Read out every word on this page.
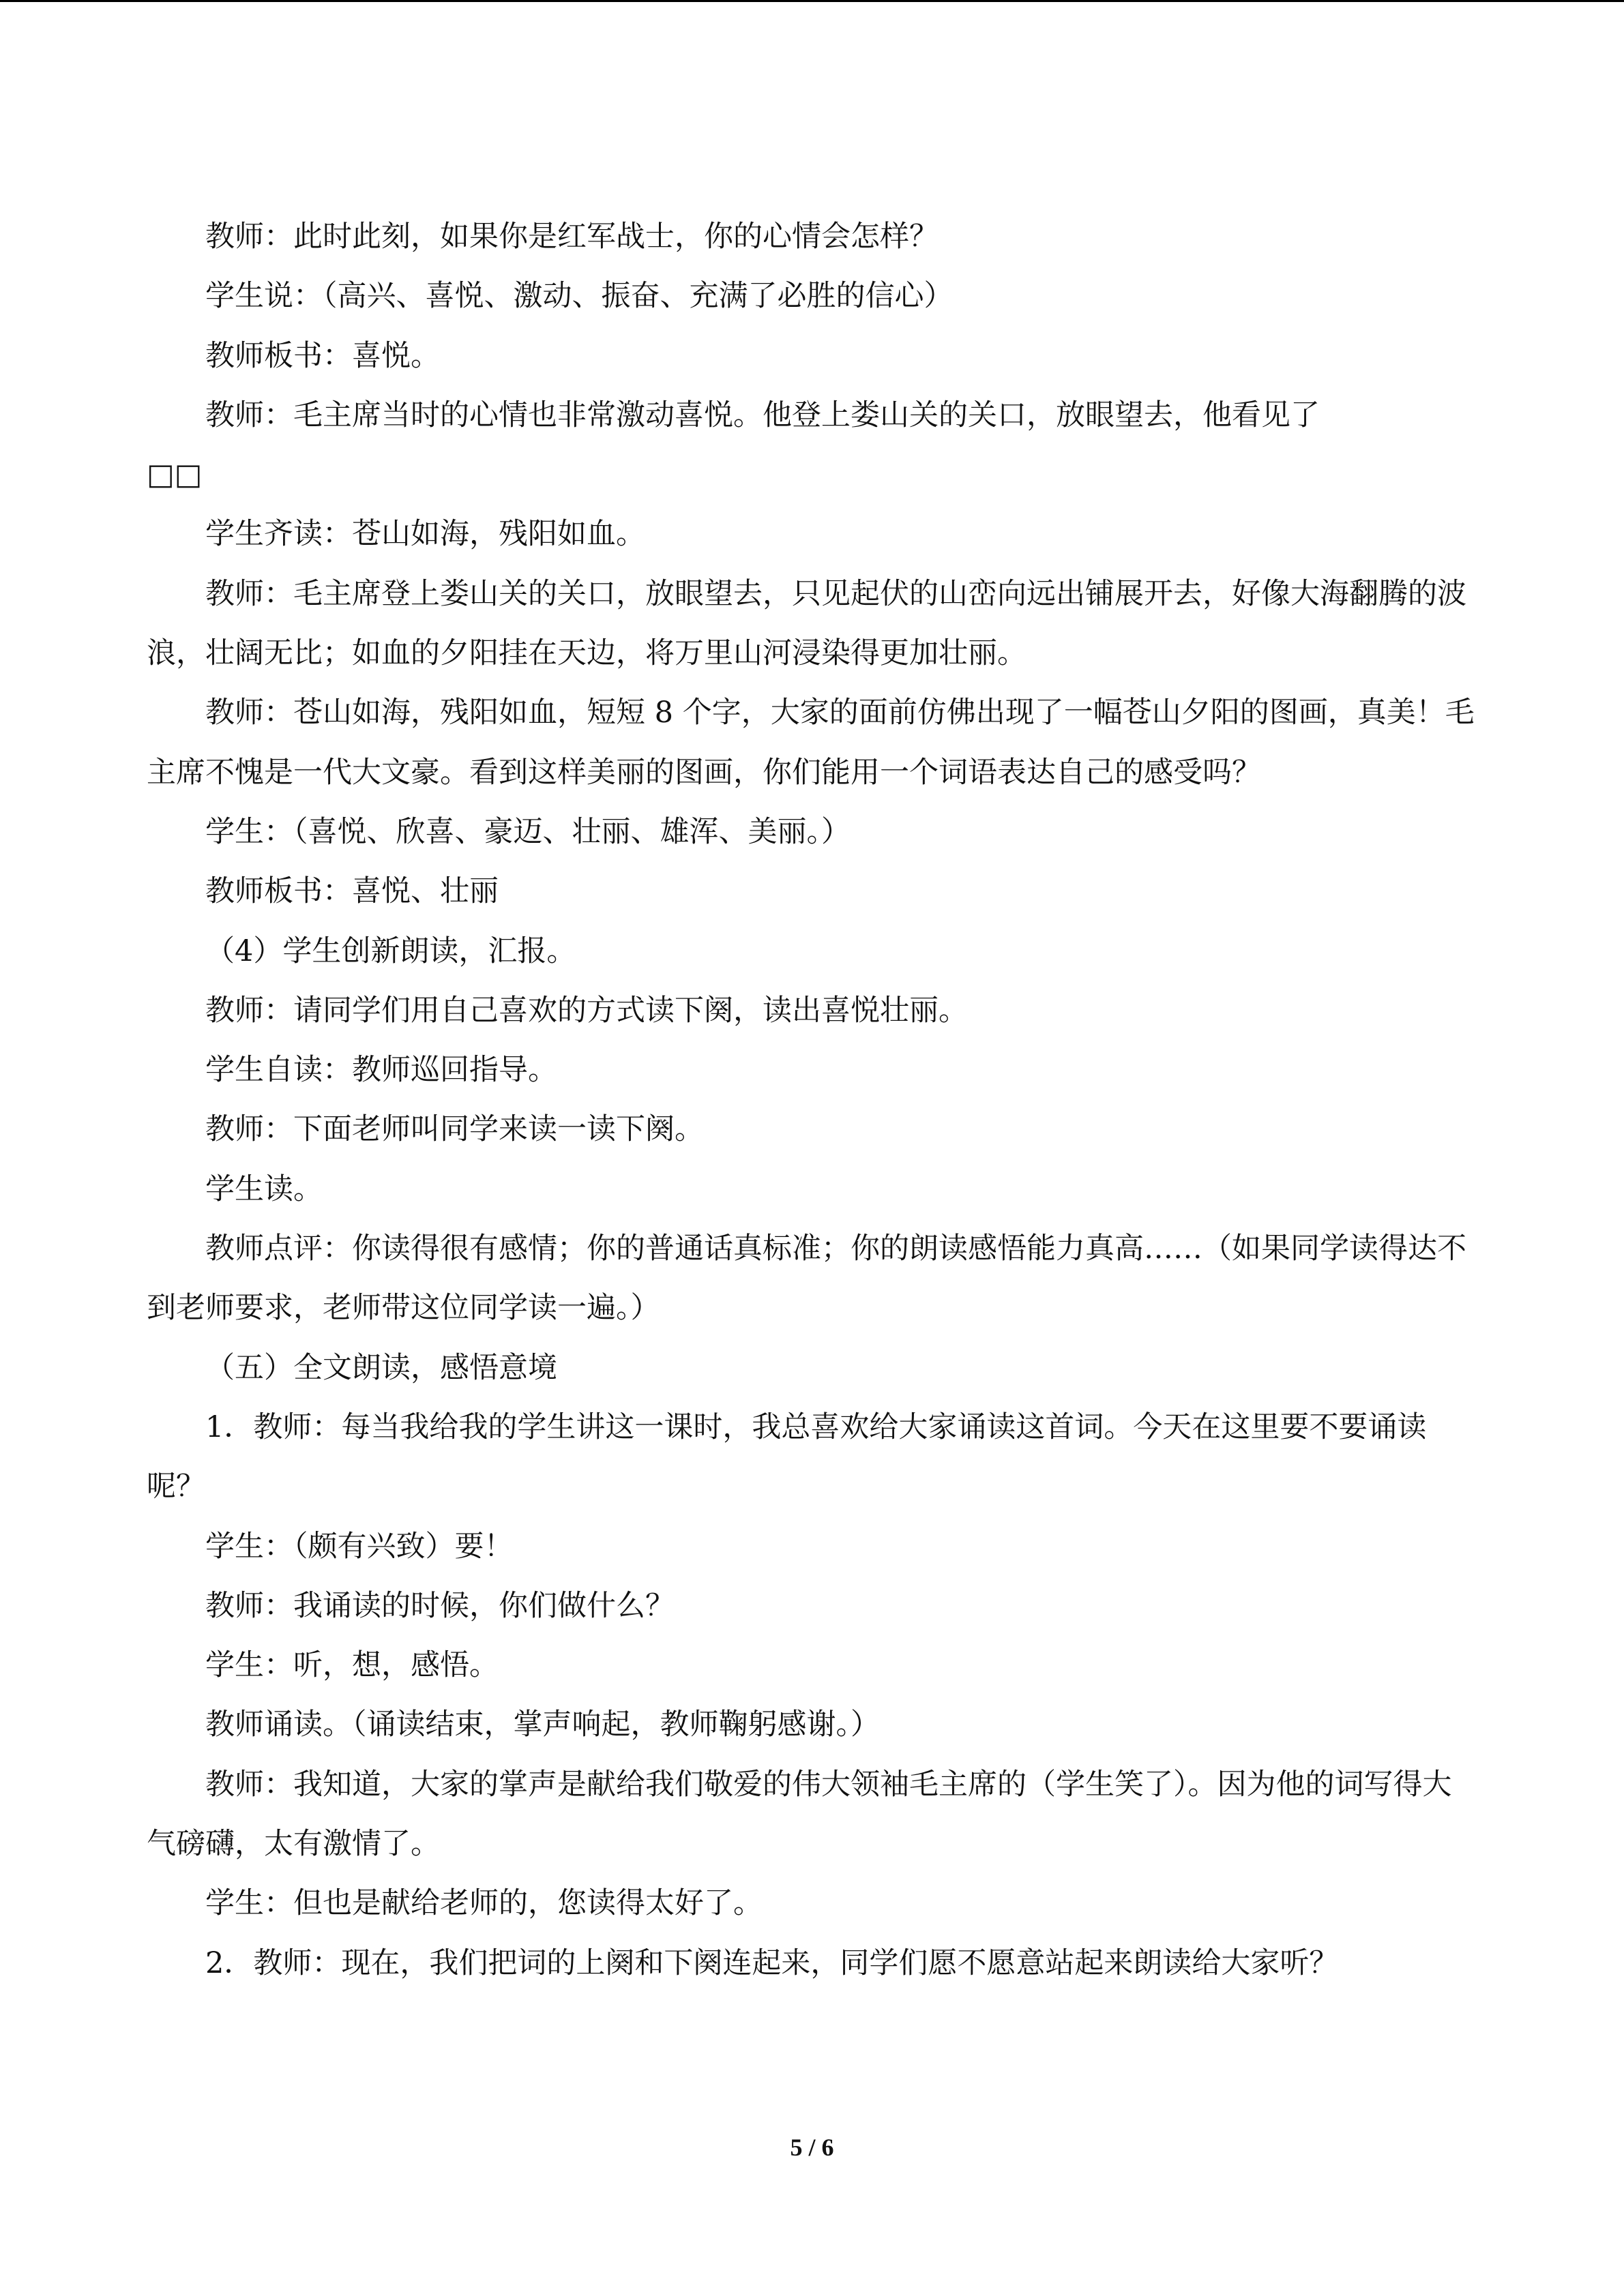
教师：此时此刻，如果你是红军战士，你的心情会怎样？

学生说：（高兴、喜悦、激动、振奋、充满了必胜的信心）

教师板书：喜悦。

教师：毛主席当时的心情也非常激动喜悦。他登上娄山关的关口，放眼望去，他看见了

□□

学生齐读：苍山如海，残阳如血。

教师：毛主席登上娄山关的关口，放眼望去，只见起伏的山峦向远出铺展开去，好像大海翻腾的波浪，壮阔无比；如血的夕阳挂在天边，将万里山河浸染得更加壮丽。

教师：苍山如海，残阳如血，短短 8 个字，大家的面前仿佛出现了一幅苍山夕阳的图画，真美！毛主席不愧是一代大文豪。看到这样美丽的图画，你们能用一个词语表达自己的感受吗？

学生：（喜悦、欣喜、豪迈、壮丽、雄浑、美丽。）

教师板书：喜悦、壮丽

（4）学生创新朗读，汇报。

教师：请同学们用自己喜欢的方式读下阕，读出喜悦壮丽。

学生自读：教师巡回指导。

教师：下面老师叫同学来读一读下阕。

学生读。

教师点评：你读得很有感情；你的普通话真标准；你的朗读感悟能力真高……（如果同学读得达不到老师要求，老师带这位同学读一遍。）

（五）全文朗读，感悟意境

1．教师：每当我给我的学生讲这一课时，我总喜欢给大家诵读这首词。今天在这里要不要诵读呢？

学生：（颇有兴致）要！

教师：我诵读的时候，你们做什么？

学生：听，想，感悟。

教师诵读。（诵读结束，掌声响起，教师鞠躬感谢。）

教师：我知道，大家的掌声是献给我们敬爱的伟大领袖毛主席的（学生笑了）。因为他的词写得大气磅礴，太有激情了。

学生：但也是献给老师的，您读得太好了。

2．教师：现在，我们把词的上阕和下阕连起来，同学们愿不愿意站起来朗读给大家听？

5 / 6
